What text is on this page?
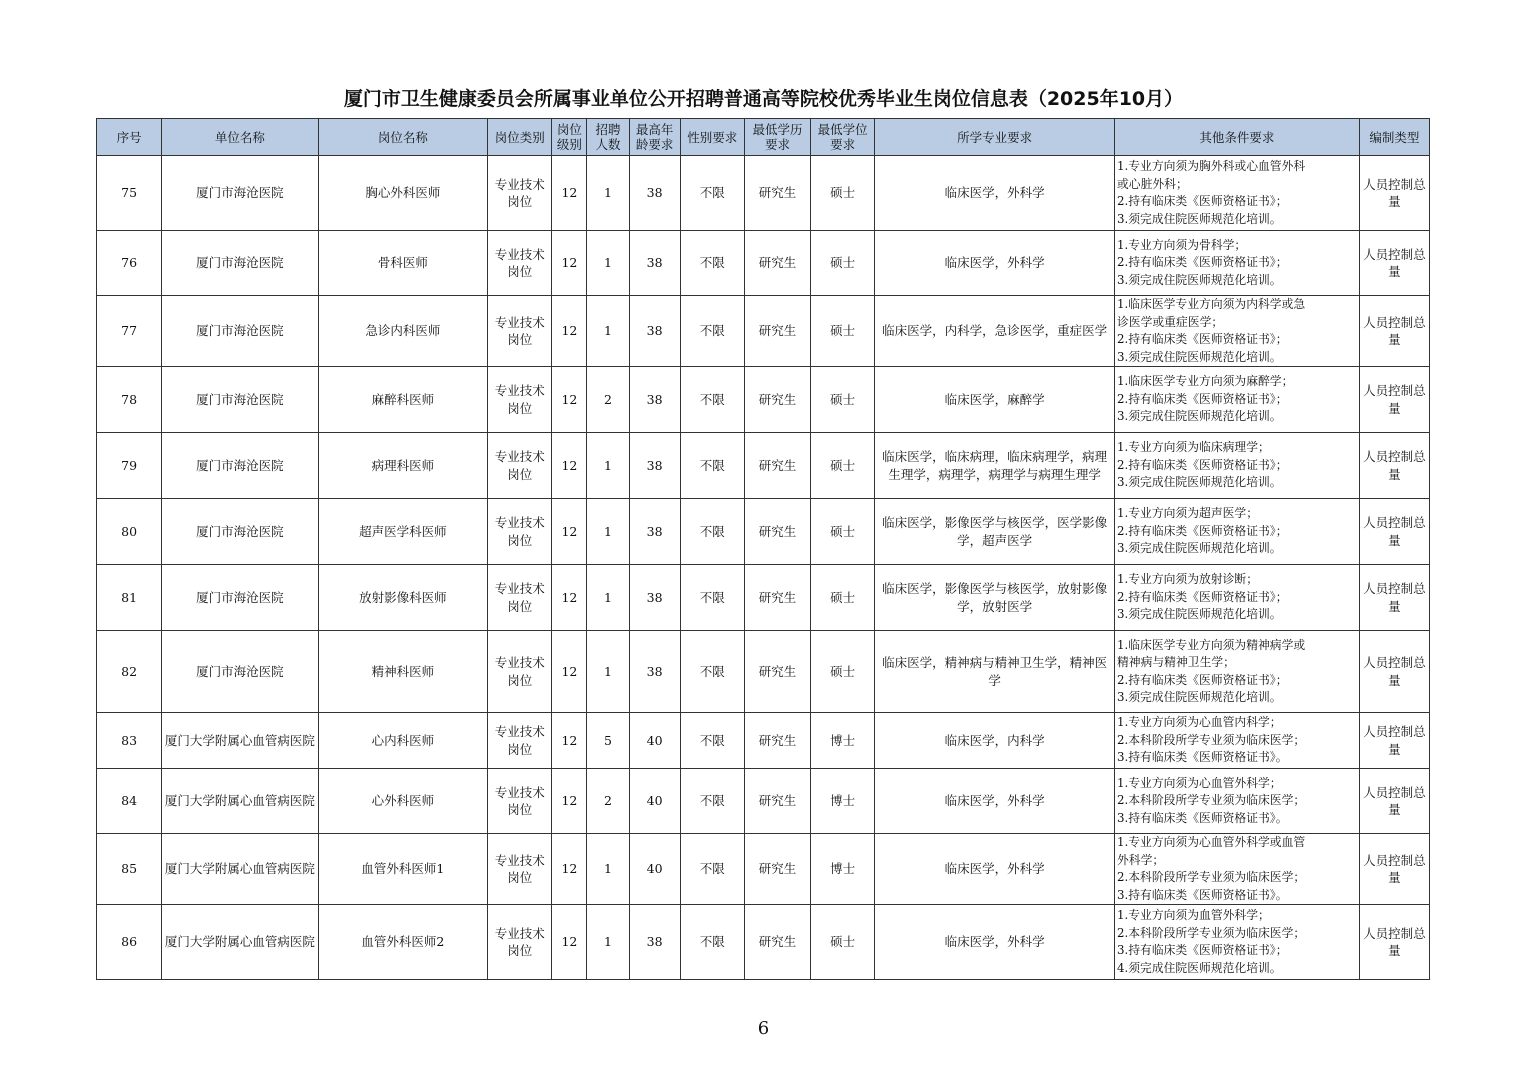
厦门市卫生健康委员会所属事业单位公开招聘普通高等院校优秀毕业生岗位信息表（2025年10月）
序号	单位名称	岗位名称	岗位类别	岗位级别	招聘人数	最高年龄要求	性别要求	最低学历要求	最低学位要求	所学专业要求	其他条件要求	编制类型
75	厦门市海沧医院	胸心外科医师	专业技术岗位	12	1	38	不限	研究生	硕士	临床医学，外科学	1.专业方向须为胸外科或心血管外科
或心脏外科；
2.持有临床类《医师资格证书》；
3.须完成住院医师规范化培训。	人员控制总量
76	厦门市海沧医院	骨科医师	专业技术岗位	12	1	38	不限	研究生	硕士	临床医学，外科学	1.专业方向须为骨科学；
2.持有临床类《医师资格证书》；
3.须完成住院医师规范化培训。	人员控制总量
77	厦门市海沧医院	急诊内科医师	专业技术岗位	12	1	38	不限	研究生	硕士	临床医学，内科学，急诊医学，重症医学	1.临床医学专业方向须为内科学或急
诊医学或重症医学；
2.持有临床类《医师资格证书》；
3.须完成住院医师规范化培训。	人员控制总量
78	厦门市海沧医院	麻醉科医师	专业技术岗位	12	2	38	不限	研究生	硕士	临床医学，麻醉学	1.临床医学专业方向须为麻醉学；
2.持有临床类《医师资格证书》；
3.须完成住院医师规范化培训。	人员控制总量
79	厦门市海沧医院	病理科医师	专业技术岗位	12	1	38	不限	研究生	硕士	临床医学，临床病理，临床病理学，病理生理学，病理学，病理学与病理生理学	1.专业方向须为临床病理学；
2.持有临床类《医师资格证书》；
3.须完成住院医师规范化培训。	人员控制总量
80	厦门市海沧医院	超声医学科医师	专业技术岗位	12	1	38	不限	研究生	硕士	临床医学，影像医学与核医学，医学影像学，超声医学	1.专业方向须为超声医学；
2.持有临床类《医师资格证书》；
3.须完成住院医师规范化培训。	人员控制总量
81	厦门市海沧医院	放射影像科医师	专业技术岗位	12	1	38	不限	研究生	硕士	临床医学，影像医学与核医学，放射影像学，放射医学	1.专业方向须为放射诊断；
2.持有临床类《医师资格证书》；
3.须完成住院医师规范化培训。	人员控制总量
82	厦门市海沧医院	精神科医师	专业技术岗位	12	1	38	不限	研究生	硕士	临床医学，精神病与精神卫生学，精神医学	1.临床医学专业方向须为精神病学或
精神病与精神卫生学；
2.持有临床类《医师资格证书》；
3.须完成住院医师规范化培训。	人员控制总量
83	厦门大学附属心血管病医院	心内科医师	专业技术岗位	12	5	40	不限	研究生	博士	临床医学，内科学	1.专业方向须为心血管内科学；
2.本科阶段所学专业须为临床医学；
3.持有临床类《医师资格证书》。	人员控制总量
84	厦门大学附属心血管病医院	心外科医师	专业技术岗位	12	2	40	不限	研究生	博士	临床医学，外科学	1.专业方向须为心血管外科学；
2.本科阶段所学专业须为临床医学；
3.持有临床类《医师资格证书》。	人员控制总量
85	厦门大学附属心血管病医院	血管外科医师1	专业技术岗位	12	1	40	不限	研究生	博士	临床医学，外科学	1.专业方向须为心血管外科学或血管
外科学；
2.本科阶段所学专业须为临床医学；
3.持有临床类《医师资格证书》。	人员控制总量
86	厦门大学附属心血管病医院	血管外科医师2	专业技术岗位	12	1	38	不限	研究生	硕士	临床医学，外科学	1.专业方向须为血管外科学；
2.本科阶段所学专业须为临床医学；
3.持有临床类《医师资格证书》；
4.须完成住院医师规范化培训。	人员控制总量
6
